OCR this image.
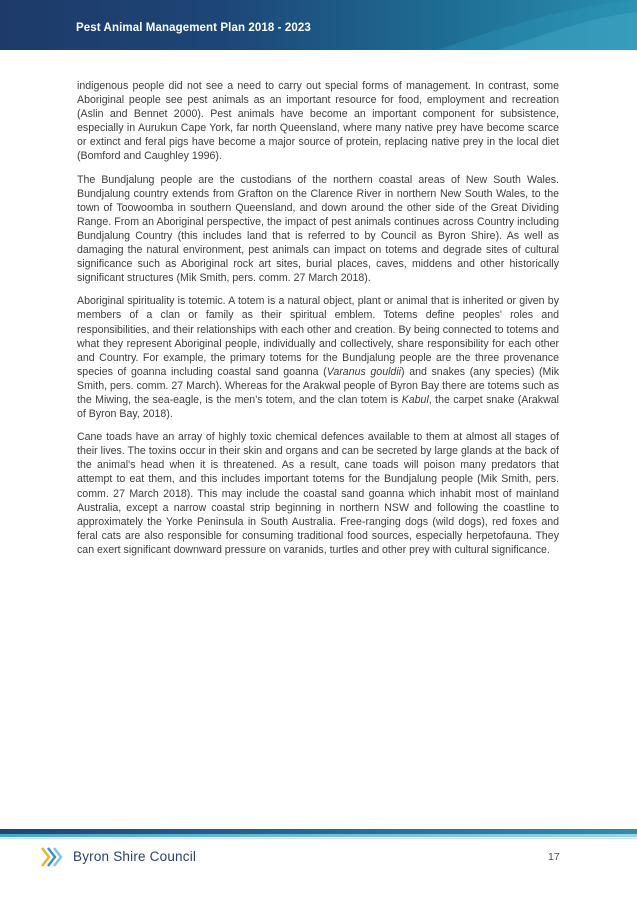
Pest Animal Management Plan 2018 - 2023

indigenous people did not see a need to carry out special forms of management. In contrast, some Aboriginal people see pest animals as an important resource for food, employment and recreation (Aslin and Bennet 2000). Pest animals have become an important component for subsistence, especially in Aurukun Cape York, far north Queensland, where many native prey have become scarce or extinct and feral pigs have become a major source of protein, replacing native prey in the local diet (Bomford and Caughley 1996).

The Bundjalung people are the custodians of the northern coastal areas of New South Wales. Bundjalung country extends from Grafton on the Clarence River in northern New South Wales, to the town of Toowoomba in southern Queensland, and down around the other side of the Great Dividing Range. From an Aboriginal perspective, the impact of pest animals continues across Country including Bundjalung Country (this includes land that is referred to by Council as Byron Shire). As well as damaging the natural environment, pest animals can impact on totems and degrade sites of cultural significance such as Aboriginal rock art sites, burial places, caves, middens and other historically significant structures (Mik Smith, pers. comm. 27 March 2018).

Aboriginal spirituality is totemic. A totem is a natural object, plant or animal that is inherited or given by members of a clan or family as their spiritual emblem. Totems define peoples' roles and responsibilities, and their relationships with each other and creation. By being connected to totems and what they represent Aboriginal people, individually and collectively, share responsibility for each other and Country. For example, the primary totems for the Bundjalung people are the three provenance species of goanna including coastal sand goanna (Varanus gouldii) and snakes (any species) (Mik Smith, pers. comm. 27 March). Whereas for the Arakwal people of Byron Bay there are totems such as the Miwing, the sea-eagle, is the men's totem, and the clan totem is Kabul, the carpet snake (Arakwal of Byron Bay, 2018).

Cane toads have an array of highly toxic chemical defences available to them at almost all stages of their lives. The toxins occur in their skin and organs and can be secreted by large glands at the back of the animal's head when it is threatened. As a result, cane toads will poison many predators that attempt to eat them, and this includes important totems for the Bundjalung people (Mik Smith, pers. comm. 27 March 2018). This may include the coastal sand goanna which inhabit most of mainland Australia, except a narrow coastal strip beginning in northern NSW and following the coastline to approximately the Yorke Peninsula in South Australia. Free-ranging dogs (wild dogs), red foxes and feral cats are also responsible for consuming traditional food sources, especially herpetofauna. They can exert significant downward pressure on varanids, turtles and other prey with cultural significance.

Byron Shire Council	17
